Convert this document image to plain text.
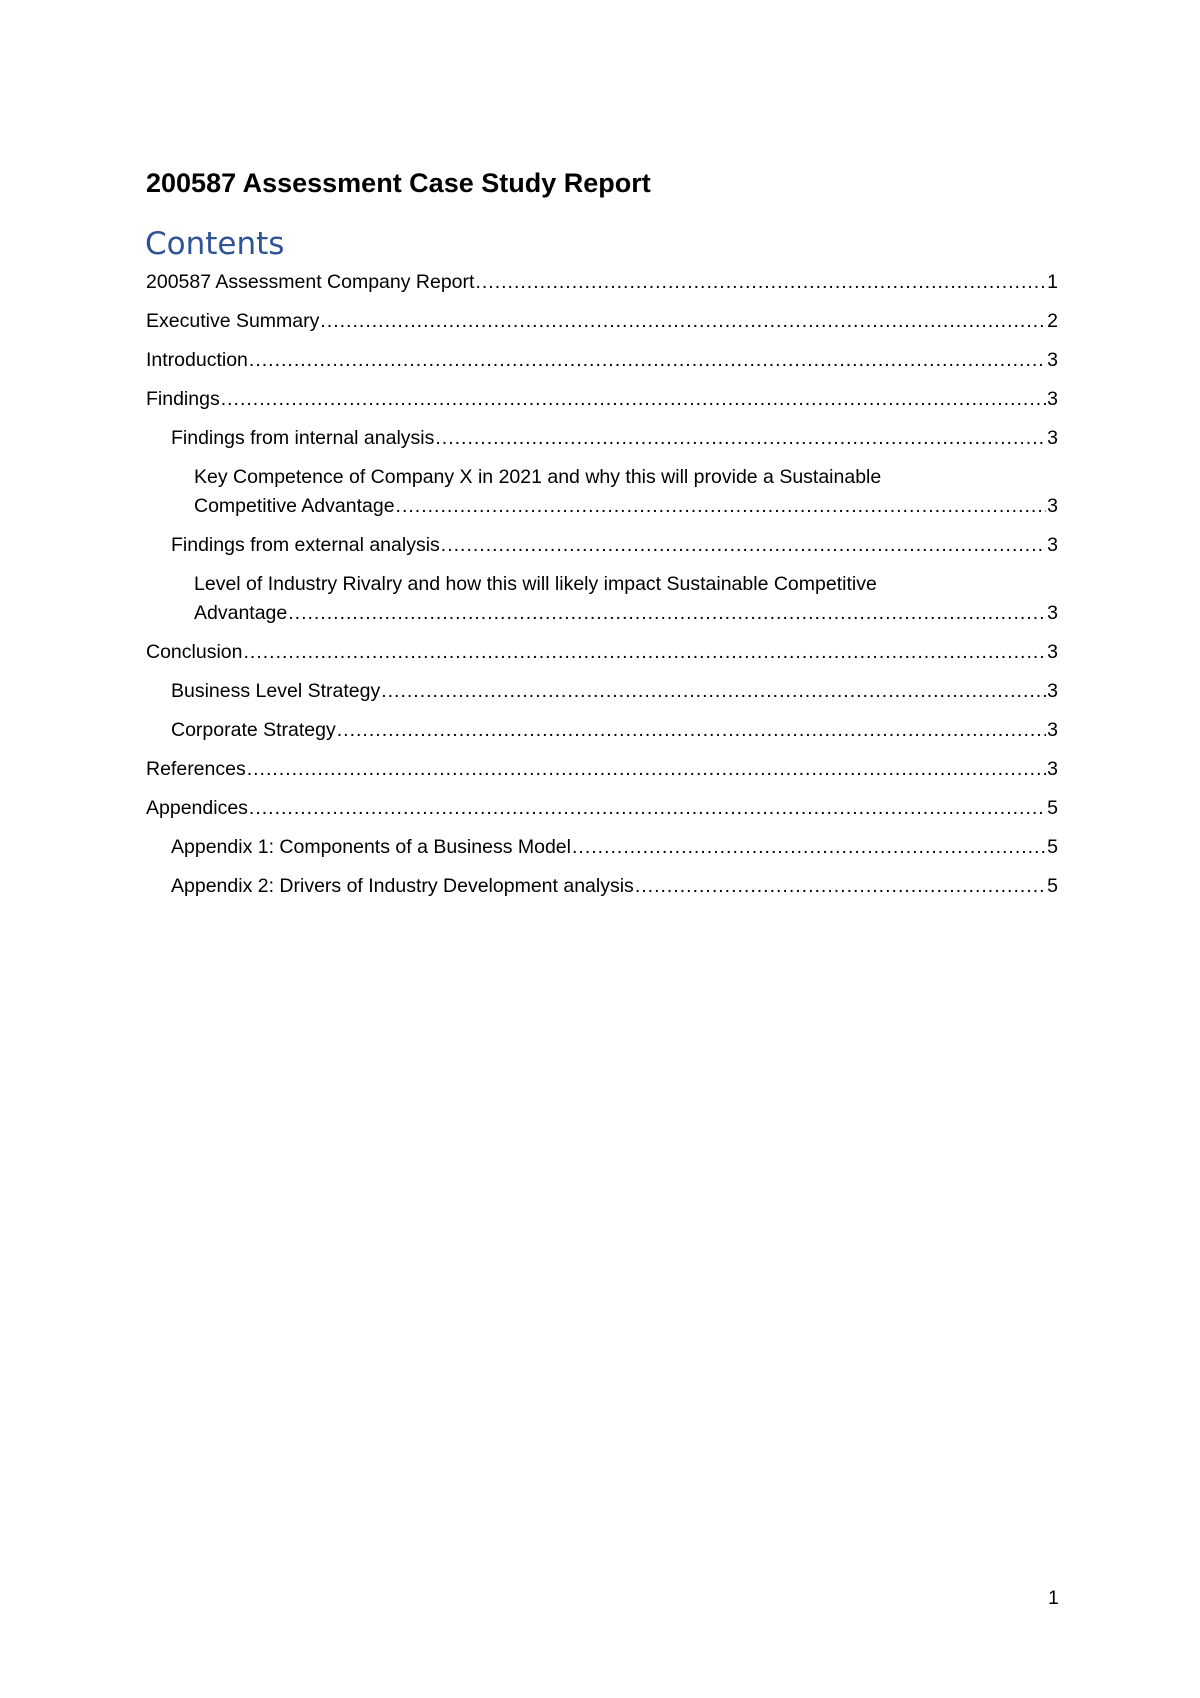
200587 Assessment Case Study Report
Contents
200587 Assessment Company Report .....	1
Executive Summary .....	2
Introduction .....	3
Findings .....	3
Findings from internal analysis .....	3
Key Competence of Company X in 2021 and why this will provide a Sustainable
Competitive Advantage .....	3
Findings from external analysis .....	3
Level of Industry Rivalry and how this will likely impact Sustainable Competitive
Advantage .....	3
Conclusion .....	3
Business Level Strategy .....	3
Corporate Strategy .....	3
References .....	3
Appendices .....	5
Appendix 1: Components of a Business Model .....	5
Appendix 2: Drivers of Industry Development analysis .....	5
1
